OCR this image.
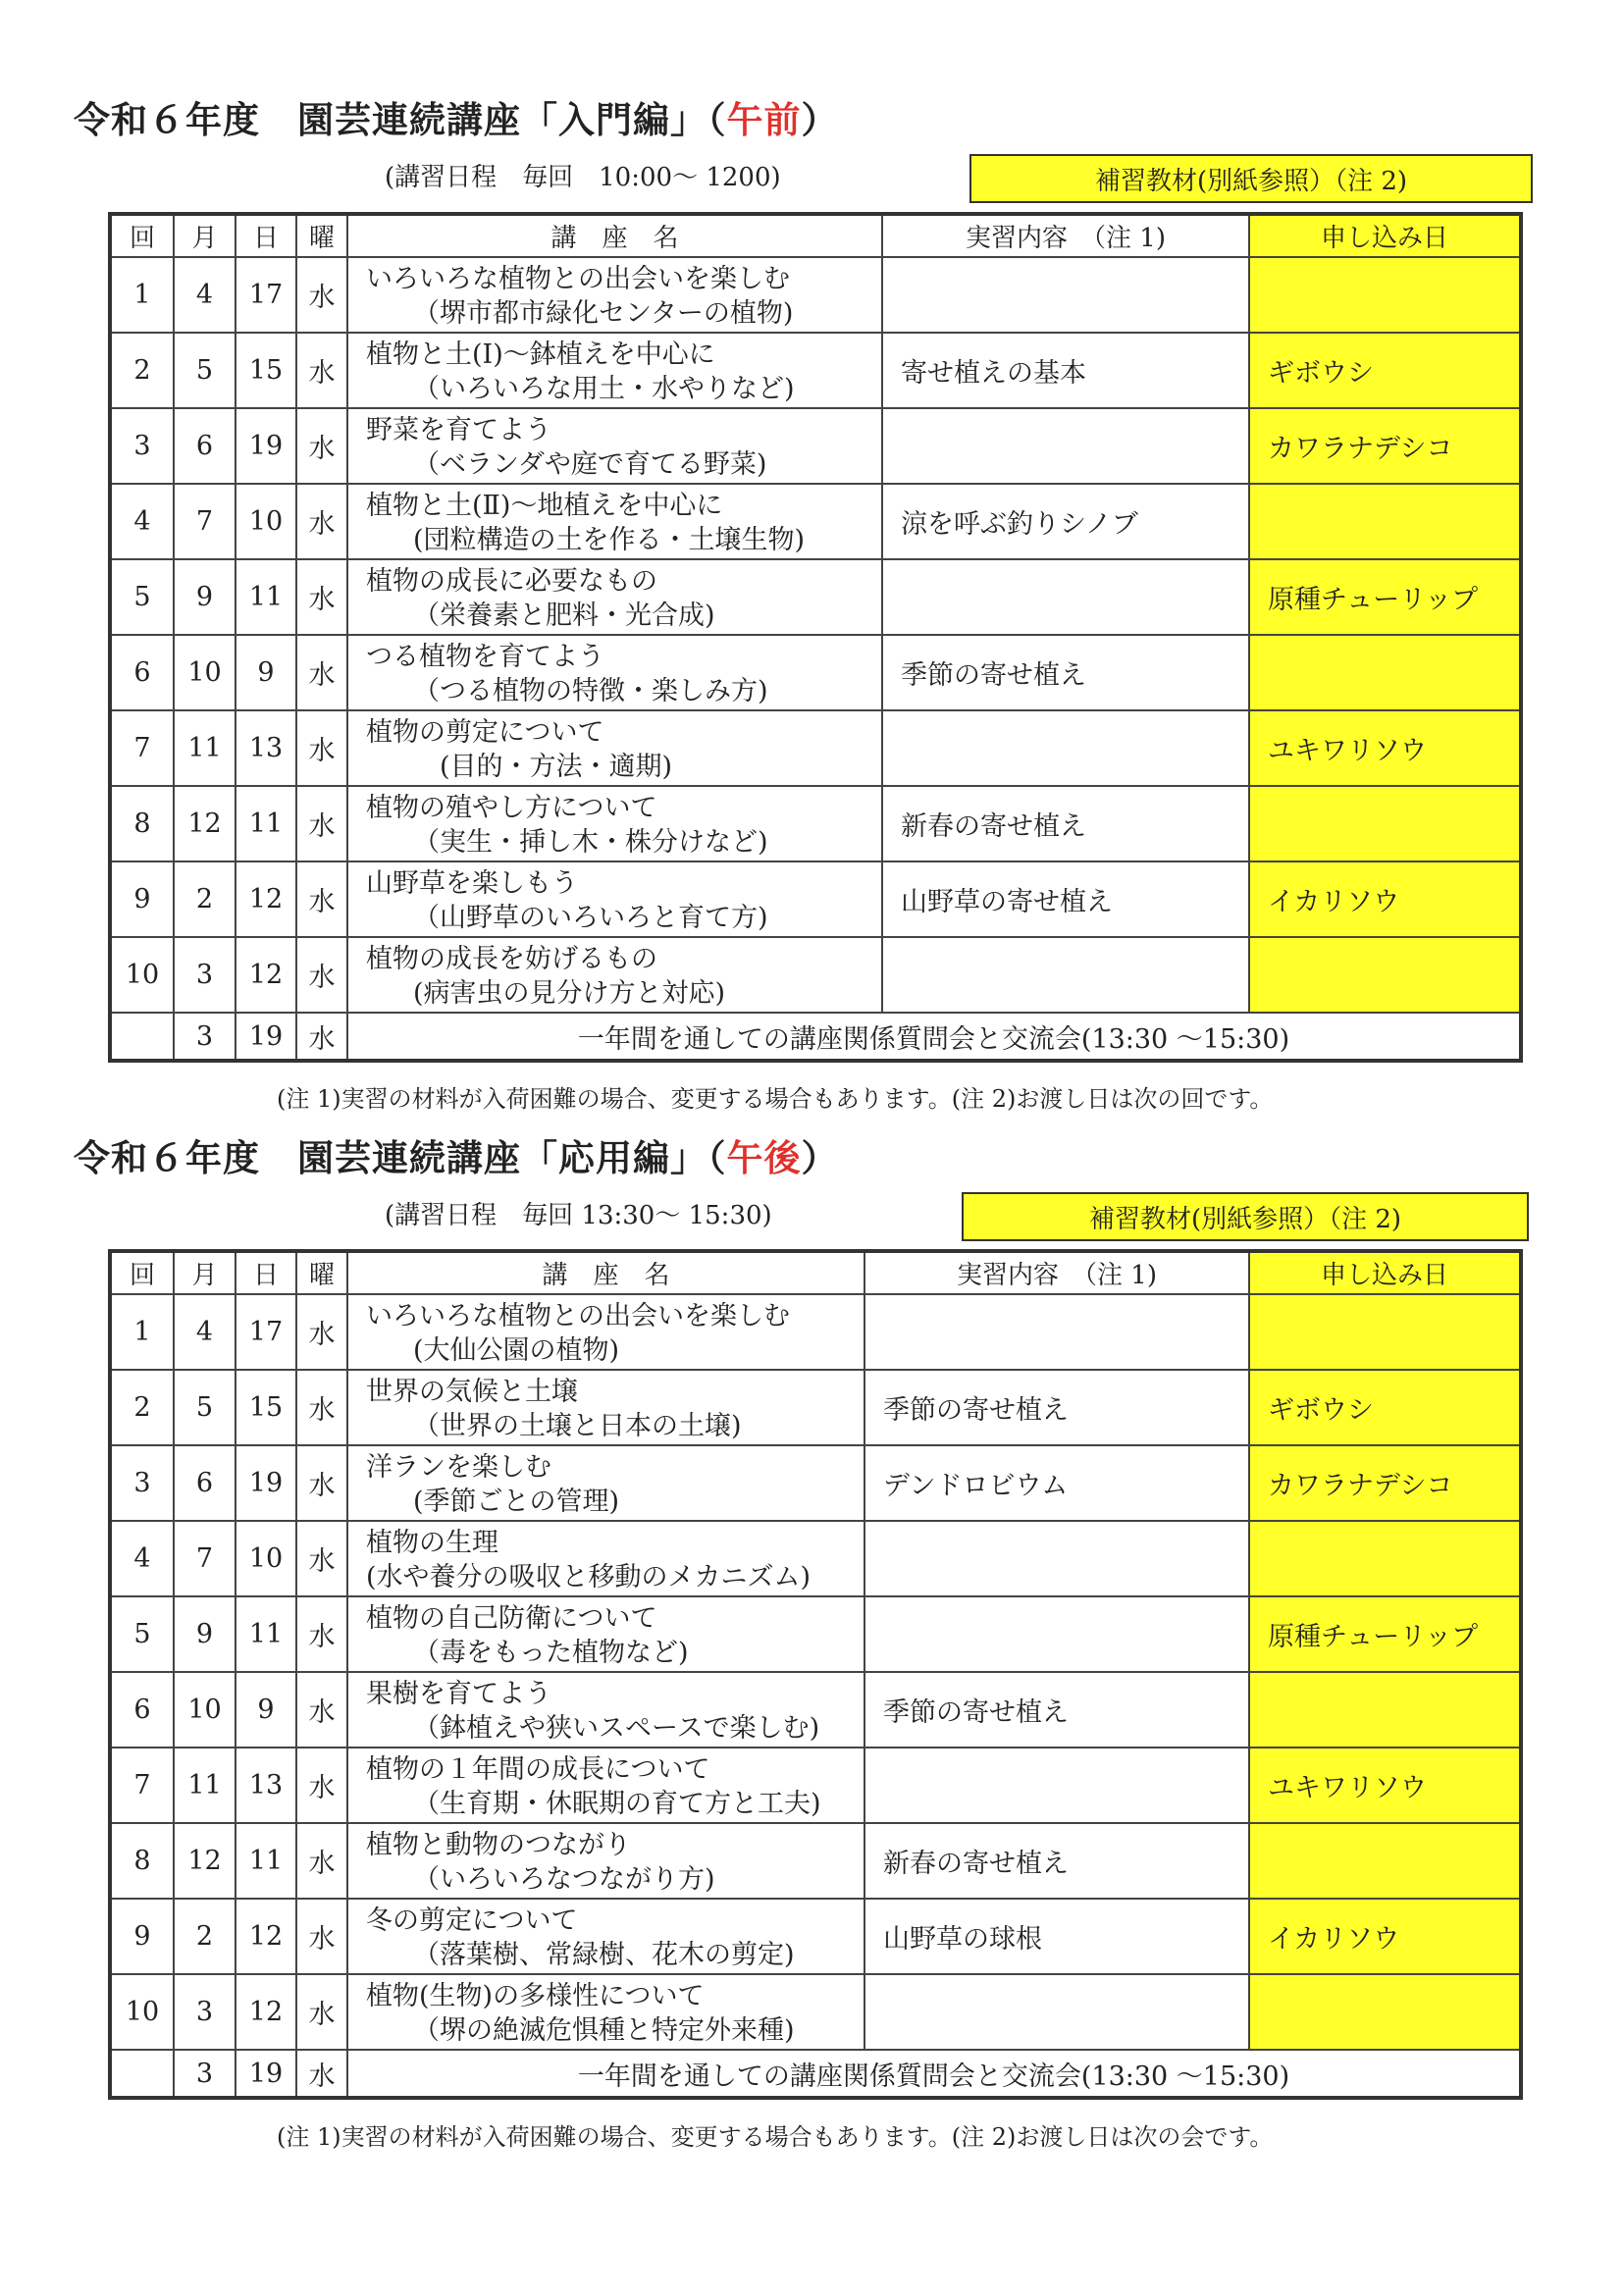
令和６年度　園芸連続講座「入門編」（午前）
(講習日程　毎回　10:00～ 1200)	補習教材(別紙参照）（注 2)
回	月	日	曜	講　座　名	実習内容　（注 1)	申し込み日
1	4	17	水	いろいろな植物との出会いを楽しむ
（堺市都市緑化センターの植物)		

2	5	15	水	植物と土(Ⅰ)～鉢植えを中心に
（いろいろな用土・水やりなど)	寄せ植えの基本	ギボウシ
3	6	19	水	野菜を育てよう
（ベランダや庭で育てる野菜)		カワラナデシコ
4	7	10	水	植物と土(Ⅱ)～地植えを中心に
(団粒構造の土を作る・土壌生物)	涼を呼ぶ釣りシノブ	
5	9	11	水	植物の成長に必要なもの
（栄養素と肥料・光合成)		原種チューリップ
6	10	9	水	つる植物を育てよう
（つる植物の特徴・楽しみ方)	季節の寄せ植え	
7	11	13	水	植物の剪定について
　(目的・方法・適期)		ユキワリソウ
8	12	11	水	植物の殖やし方について
（実生・挿し木・株分けなど)	新春の寄せ植え	
9	2	12	水	山野草を楽しもう
（山野草のいろいろと育て方)	山野草の寄せ植え	イカリソウ
10	3	12	水	植物の成長を妨げるもの
(病害虫の見分け方と対応)		

	3	19	水	一年間を通しての講座関係質問会と交流会(13:30 ～15:30)		
(注 1)実習の材料が入荷困難の場合、変更する場合もあります。(注 2)お渡し日は次の回です。
令和６年度　園芸連続講座「応用編」（午後）
(講習日程　毎回 13:30～ 15:30)	補習教材(別紙参照）（注 2)
回	月	日	曜	講　座　名	実習内容　（注 1)	申し込み日
1	4	17	水	いろいろな植物との出会いを楽しむ
(大仙公園の植物)		

2	5	15	水	世界の気候と土壌
（世界の土壌と日本の土壌)	季節の寄せ植え	ギボウシ
3	6	19	水	洋ランを楽しむ
(季節ごとの管理)	デンドロビウム	カワラナデシコ
4	7	10	水	植物の生理
(水や養分の吸収と移動のメカニズム)		

5	9	11	水	植物の自己防衛について
（毒をもった植物など)		原種チューリップ
6	10	9	水	果樹を育てよう
（鉢植えや狭いスペースで楽しむ)	季節の寄せ植え	
7	11	13	水	植物の１年間の成長について
（生育期・休眠期の育て方と工夫)		ユキワリソウ
8	12	11	水	植物と動物のつながり
（いろいろなつながり方)	新春の寄せ植え	
9	2	12	水	冬の剪定について
（落葉樹、常緑樹、花木の剪定)	山野草の球根	イカリソウ
10	3	12	水	植物(生物)の多様性について
（堺の絶滅危惧種と特定外来種)		

	3	19	水	一年間を通しての講座関係質問会と交流会(13:30 ～15:30)		
(注 1)実習の材料が入荷困難の場合、変更する場合もあります。(注 2)お渡し日は次の会です。
